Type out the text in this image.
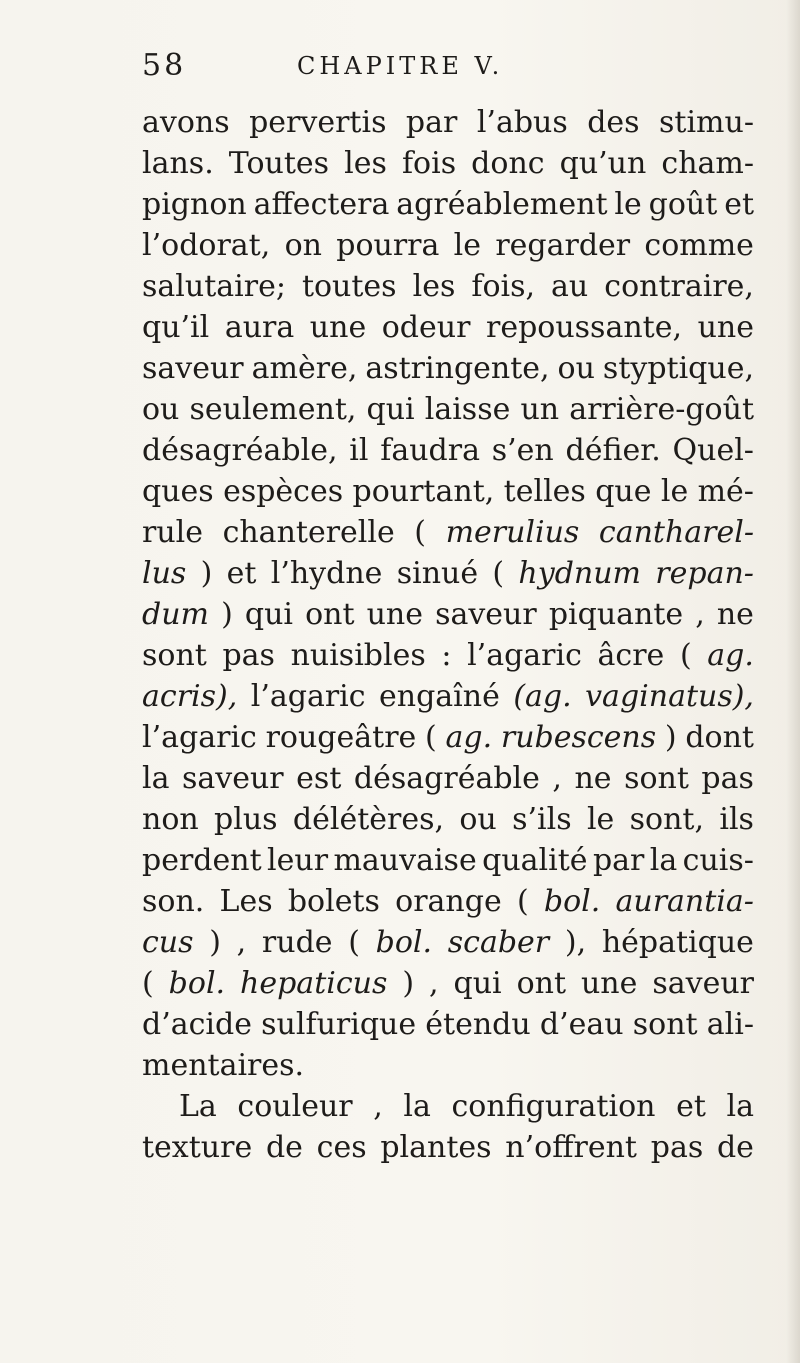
58	CHAPITRE V.
avons pervertis par l’abus des stimu-
lans. Toutes les fois donc qu’un cham-
pignon affectera agréablement le goût et
l’odorat, on pourra le regarder comme
salutaire; toutes les fois, au contraire,
qu’il aura une odeur repoussante, une
saveur amère, astringente, ou styptique,
ou seulement, qui laisse un arrière-goût
désagréable, il faudra s’en défier. Quel-
ques espèces pourtant, telles que le mé-
rule chanterelle ( merulius cantharel-
lus ) et l’hydne sinué ( hydnum repan-
dum ) qui ont une saveur piquante , ne
sont pas nuisibles : l’agaric âcre ( ag.
acris), l’agaric engaîné (ag. vaginatus),
l’agaric rougeâtre ( ag. rubescens ) dont
la saveur est désagréable , ne sont pas
non plus délétères, ou s’ils le sont, ils
perdent leur mauvaise qualité par la cuis-
son. Les bolets orange ( bol. aurantia-
cus ) , rude ( bol. scaber ), hépatique
( bol. hepaticus ) , qui ont une saveur
d’acide sulfurique étendu d’eau sont ali-
mentaires.
La couleur , la configuration et la
texture de ces plantes n’offrent pas de
